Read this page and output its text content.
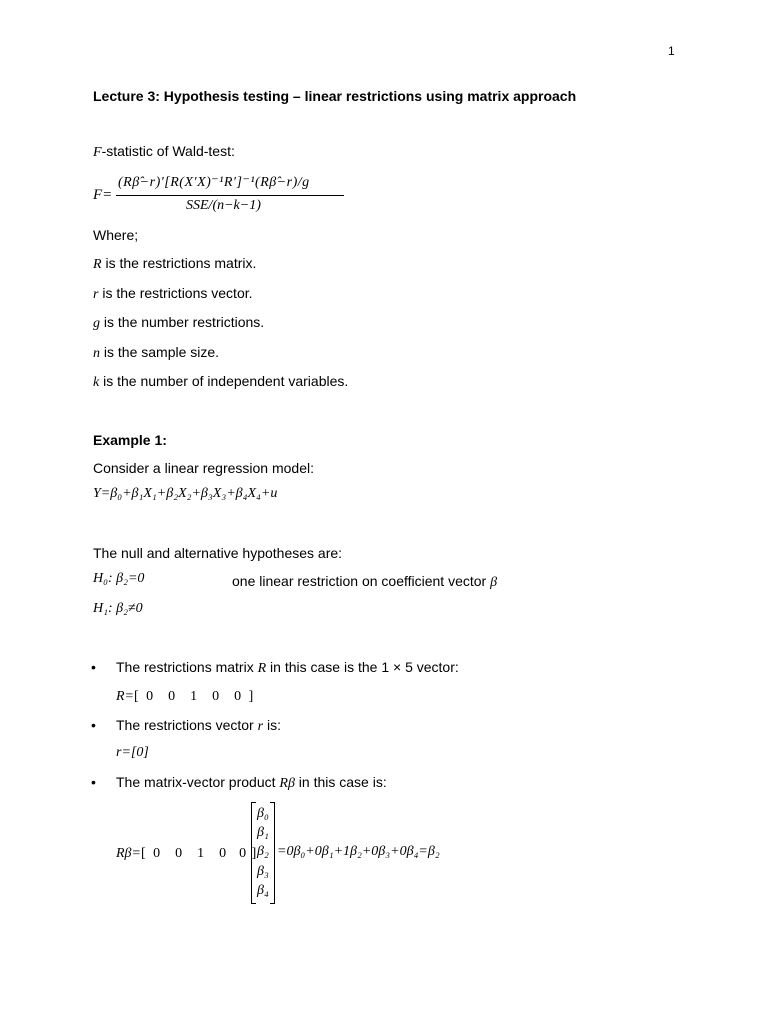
1
Lecture 3: Hypothesis testing – linear restrictions using matrix approach
F-statistic of Wald-test:
F=
(Rβ̂−r)′[R(X′X)⁻¹R′]⁻¹(Rβ̂−r)/g
SSE/(n−k−1)
Where;
R is the restrictions matrix.
r is the restrictions vector.
g is the number restrictions.
n is the sample size.
k is the number of independent variables.
Example 1:
Consider a linear regression model:
Y=β₀+β₁X₁+β₂X₂+β₃X₃+β₄X₄+u
The null and alternative hypotheses are:
H₀: β₂=0	one linear restriction on coefficient vector β
H₁: β₂≠0
• The restrictions matrix R in this case is the 1 × 5 vector:
R=[ 0 0 1 0 0 ]
• The restrictions vector r is:
r=[0]
• The matrix-vector product Rβ in this case is:
Rβ=[ 0 0 1 0 0 ]
β₀
β₁
β₂
β₃
β₄
=0β₀+0β₁+1β₂+0β₃+0β₄=β₂
